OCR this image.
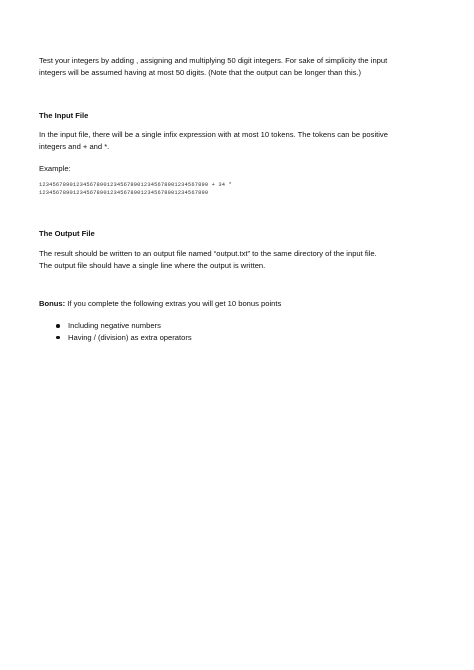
Test your integers by adding , assigning and multiplying 50 digit integers. For sake of simplicity the input

integers will be assumed having at most 50 digits. (Note that the output can be longer than this.)

The Input File

In the input file, there will be a single infix expression with at most 10 tokens. The tokens can be positive

integers and + and *.

Example:

12345678901234567890123456789012345678901234567890 + 34 *

12345678901234567890123456789012345678901234567890

The Output File

The result should be written to an output file named “output.txt” to the same directory of the input file.

The output file should have a single line where the output is written.

Bonus: If you complete the following extras you will get 10 bonus points

Including negative numbers
Having / (division) as extra operators
